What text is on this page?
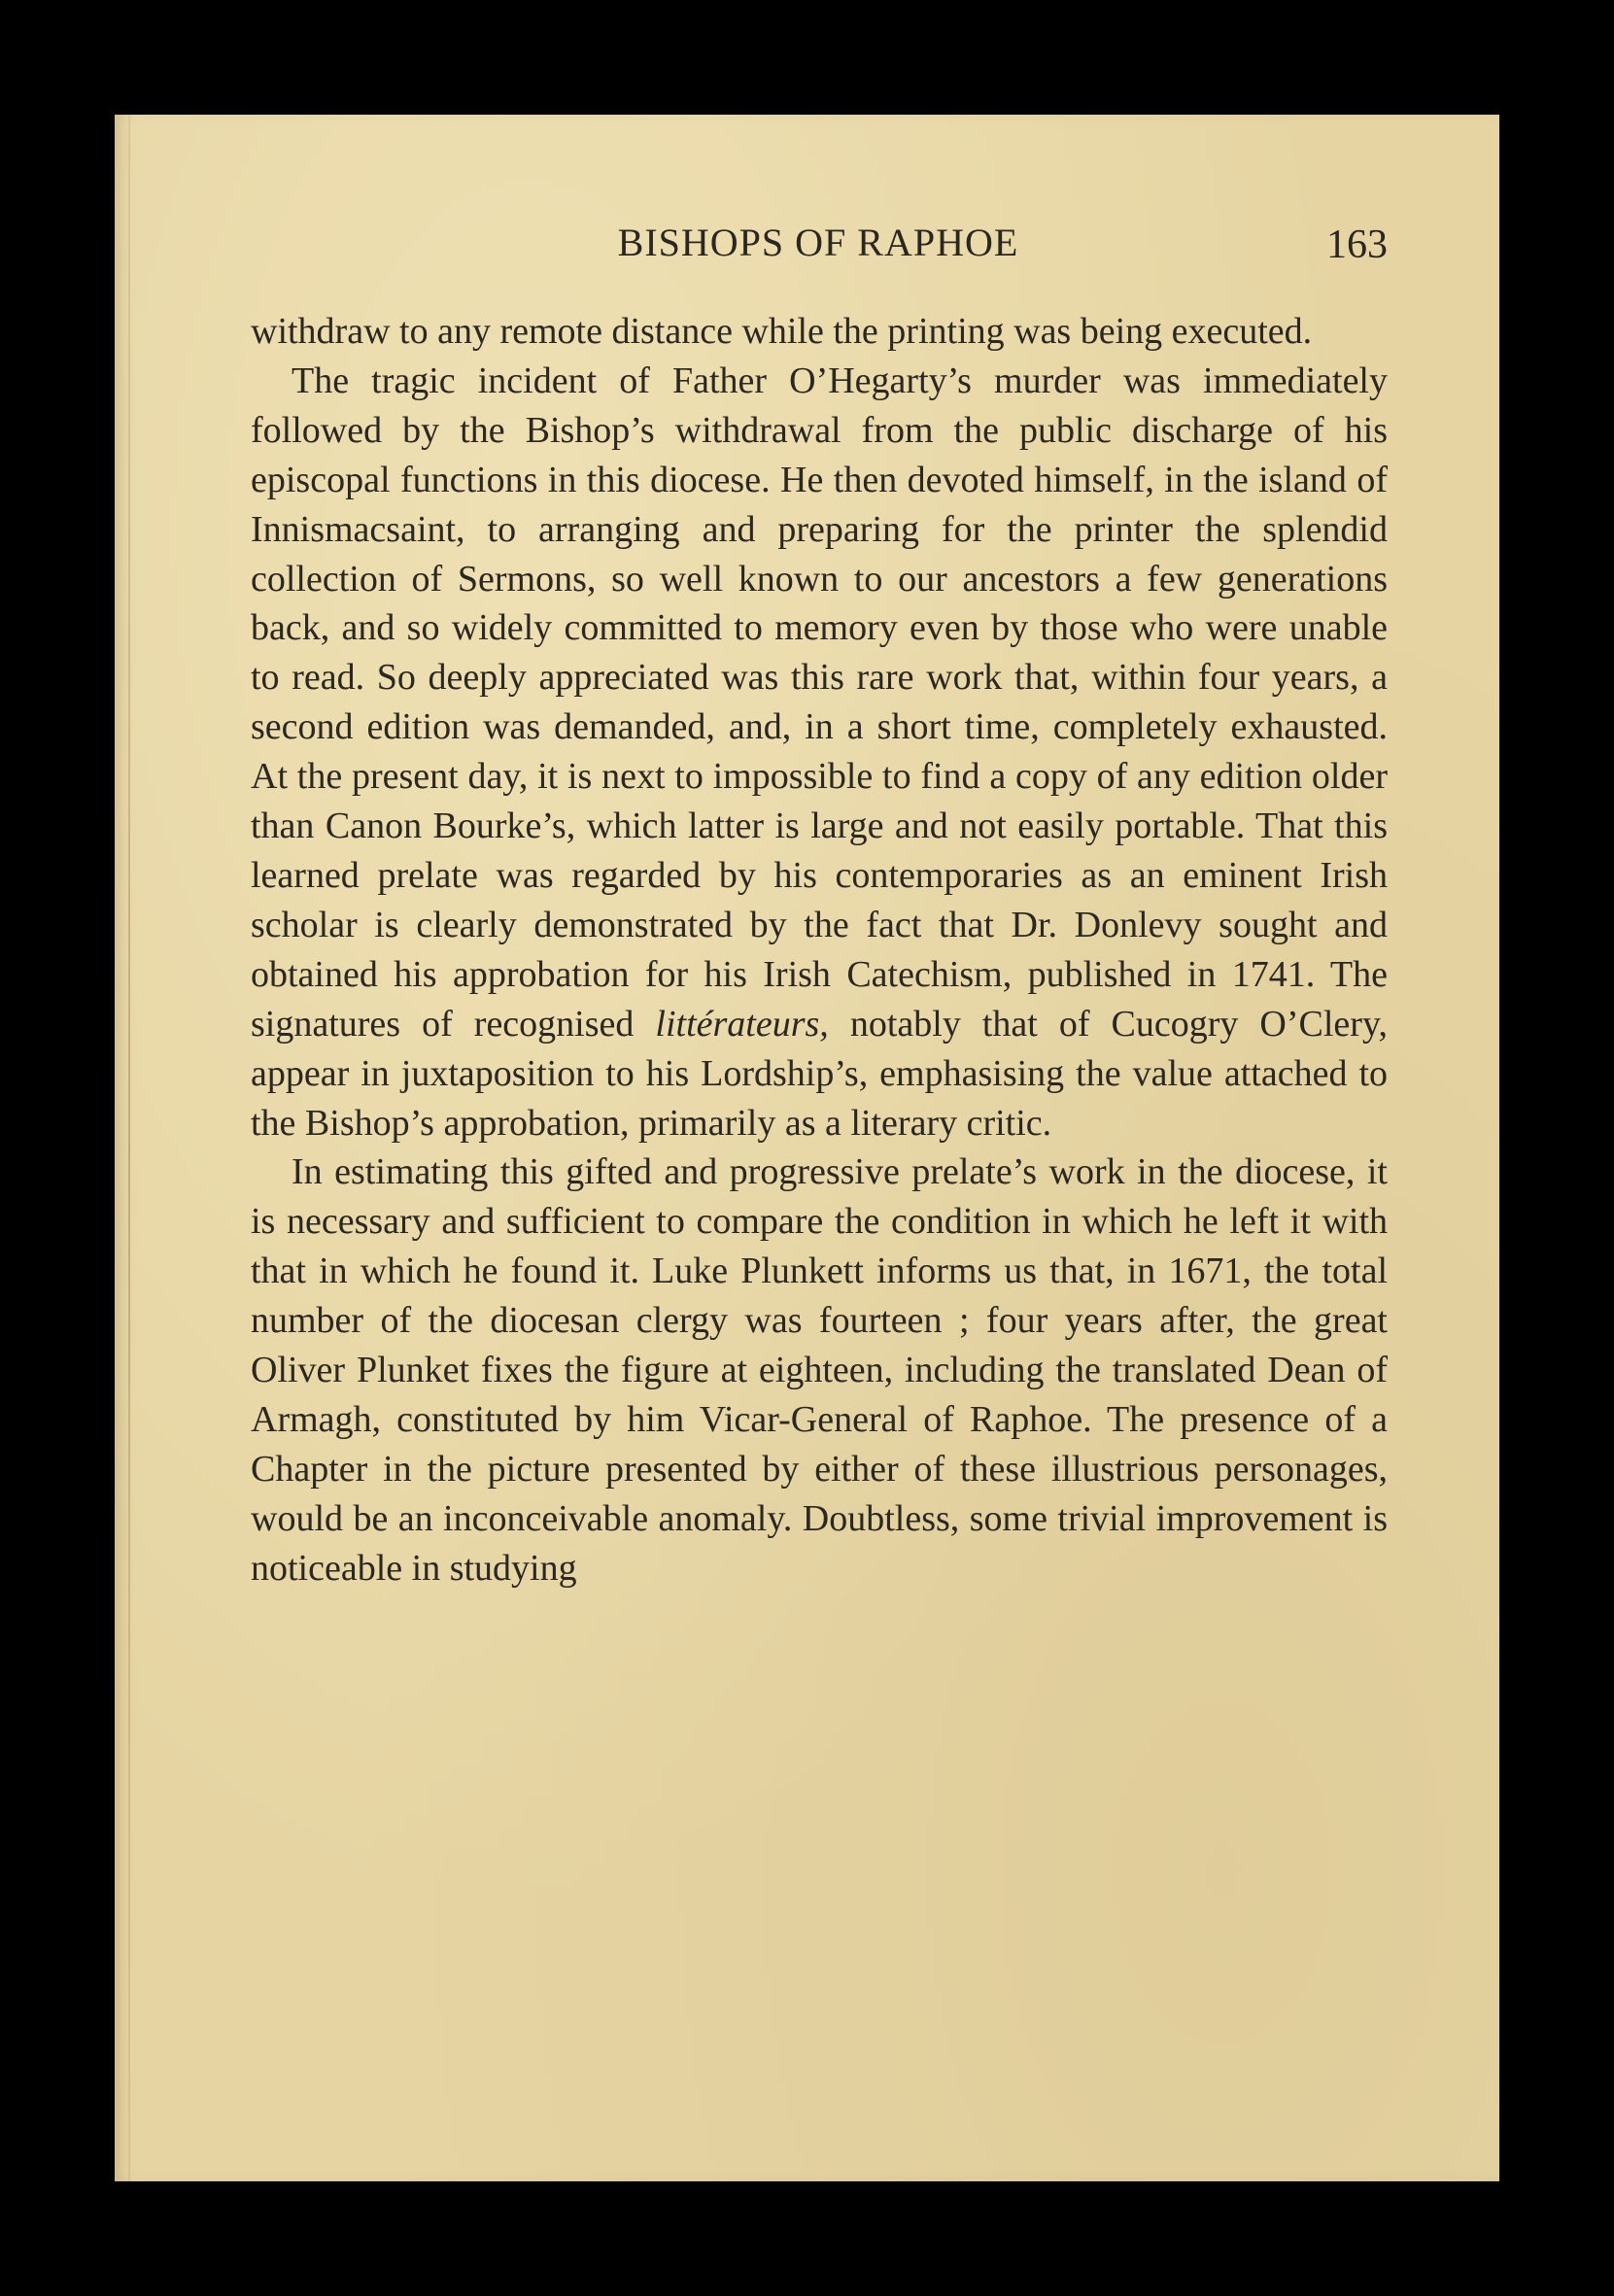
BISHOPS OF RAPHOE	163

withdraw to any remote distance while the printing was being executed.

The tragic incident of Father O’Hegarty’s murder was immediately followed by the Bishop’s withdrawal from the public discharge of his episcopal functions in this diocese. He then devoted himself, in the island of Innismacsaint, to arranging and preparing for the printer the splendid collection of Sermons, so well known to our ancestors a few generations back, and so widely committed to memory even by those who were unable to read. So deeply appreciated was this rare work that, within four years, a second edition was demanded, and, in a short time, completely exhausted. At the present day, it is next to impossible to find a copy of any edition older than Canon Bourke’s, which latter is large and not easily portable. That this learned prelate was regarded by his contemporaries as an eminent Irish scholar is clearly demonstrated by the fact that Dr. Donlevy sought and obtained his approbation for his Irish Catechism, published in 1741. The signatures of recognised littérateurs, notably that of Cucogry O’Clery, appear in juxtaposition to his Lordship’s, emphasising the value attached to the Bishop’s approbation, primarily as a literary critic.

In estimating this gifted and progressive prelate’s work in the diocese, it is necessary and sufficient to compare the condition in which he left it with that in which he found it. Luke Plunkett informs us that, in 1671, the total number of the diocesan clergy was fourteen ; four years after, the great Oliver Plunket fixes the figure at eighteen, including the translated Dean of Armagh, constituted by him Vicar-General of Raphoe. The presence of a Chapter in the picture presented by either of these illustrious personages, would be an inconceivable anomaly. Doubtless, some trivial improvement is noticeable in studying
